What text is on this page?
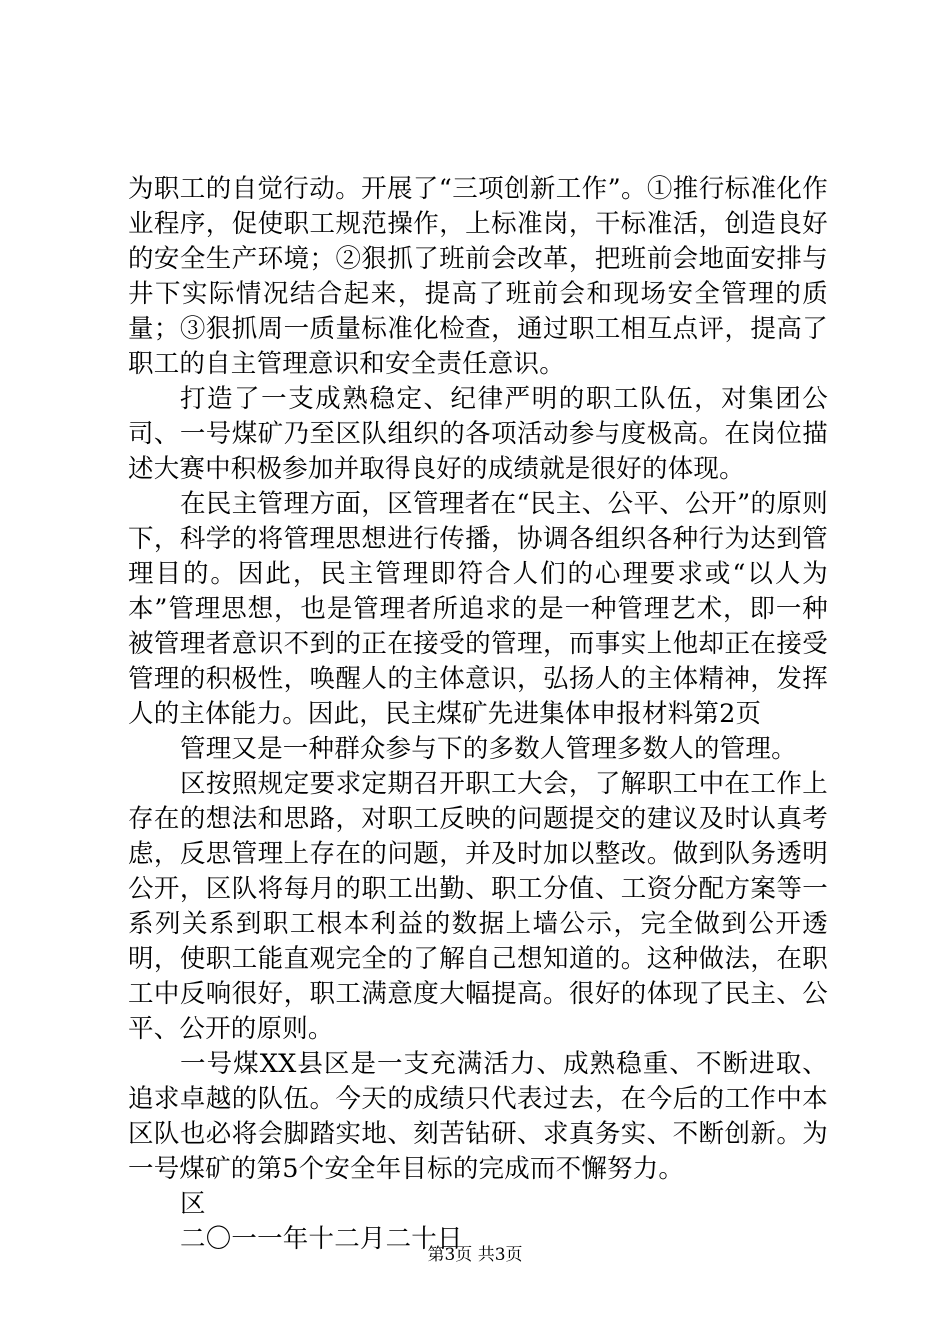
为职工的自觉行动。开展了“三项创新工作”。①推行标准化作业程序，促使职工规范操作，上标准岗，干标准活，创造良好的安全生产环境；②狠抓了班前会改革，把班前会地面安排与井下实际情况结合起来，提高了班前会和现场安全管理的质量；③狠抓周一质量标准化检查，通过职工相互点评，提高了职工的自主管理意识和安全责任意识。

打造了一支成熟稳定、纪律严明的职工队伍，对集团公司、一号煤矿乃至区队组织的各项活动参与度极高。在岗位描述大赛中积极参加并取得良好的成绩就是很好的体现。

在民主管理方面，区管理者在“民主、公平、公开”的原则下，科学的将管理思想进行传播，协调各组织各种行为达到管理目的。因此，民主管理即符合人们的心理要求或“以人为本”管理思想，也是管理者所追求的是一种管理艺术，即一种被管理者意识不到的正在接受的管理，而事实上他却正在接受管理的积极性，唤醒人的主体意识，弘扬人的主体精神，发挥人的主体能力。因此，民主煤矿先进集体申报材料第2页

管理又是一种群众参与下的多数人管理多数人的管理。

区按照规定要求定期召开职工大会，了解职工中在工作上存在的想法和思路，对职工反映的问题提交的建议及时认真考虑，反思管理上存在的问题，并及时加以整改。做到队务透明公开，区队将每月的职工出勤、职工分值、工资分配方案等一系列关系到职工根本利益的数据上墙公示，完全做到公开透明，使职工能直观完全的了解自己想知道的。这种做法，在职工中反响很好，职工满意度大幅提高。很好的体现了民主、公平、公开的原则。

一号煤XX县区是一支充满活力、成熟稳重、不断进取、追求卓越的队伍。今天的成绩只代表过去，在今后的工作中本区队也必将会脚踏实地、刻苦钻研、求真务实、不断创新。为一号煤矿的第5个安全年目标的完成而不懈努力。

区

二〇一一年十二月二十日

第3页 共3页
